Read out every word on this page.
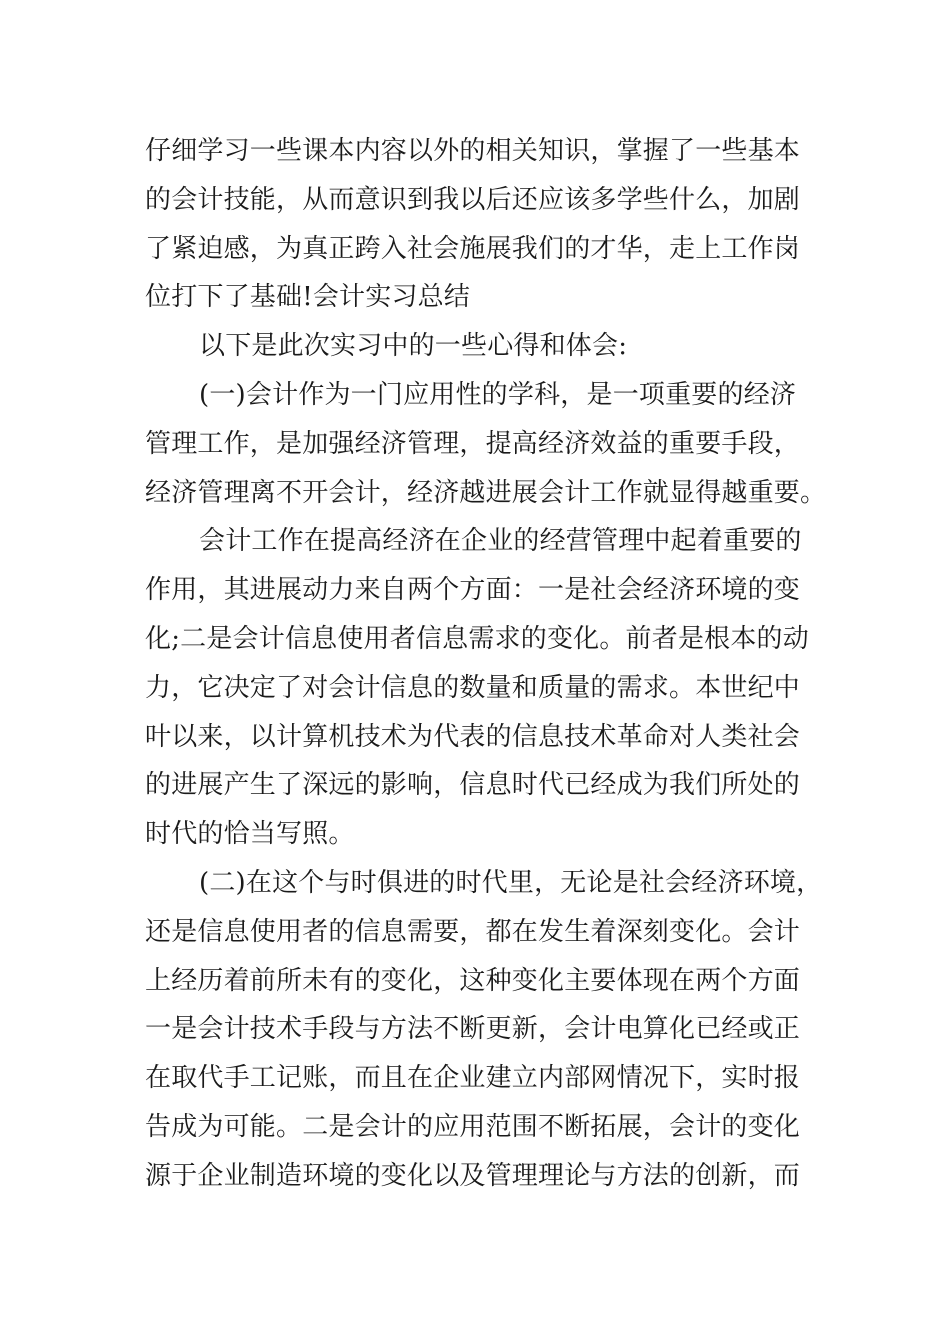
仔细学习一些课本内容以外的相关知识，掌握了一些基本
的会计技能，从而意识到我以后还应该多学些什么，加剧
了紧迫感，为真正跨入社会施展我们的才华，走上工作岗
位打下了基础!会计实习总结
以下是此次实习中的一些心得和体会:
(一)会计作为一门应用性的学科，是一项重要的经济
管理工作，是加强经济管理，提高经济效益的重要手段，
经济管理离不开会计，经济越进展会计工作就显得越重要。
会计工作在提高经济在企业的经营管理中起着重要的
作用，其进展动力来自两个方面：一是社会经济环境的变
化;二是会计信息使用者信息需求的变化。前者是根本的动
力，它决定了对会计信息的数量和质量的需求。本世纪中
叶以来，以计算机技术为代表的信息技术革命对人类社会
的进展产生了深远的影响，信息时代已经成为我们所处的
时代的恰当写照。
(二)在这个与时俱进的时代里，无论是社会经济环境，
还是信息使用者的信息需要，都在发生着深刻变化。会计
上经历着前所未有的变化，这种变化主要体现在两个方面
一是会计技术手段与方法不断更新，会计电算化已经或正
在取代手工记账，而且在企业建立内部网情况下，实时报
告成为可能。二是会计的应用范围不断拓展，会计的变化
源于企业制造环境的变化以及管理理论与方法的创新，而
